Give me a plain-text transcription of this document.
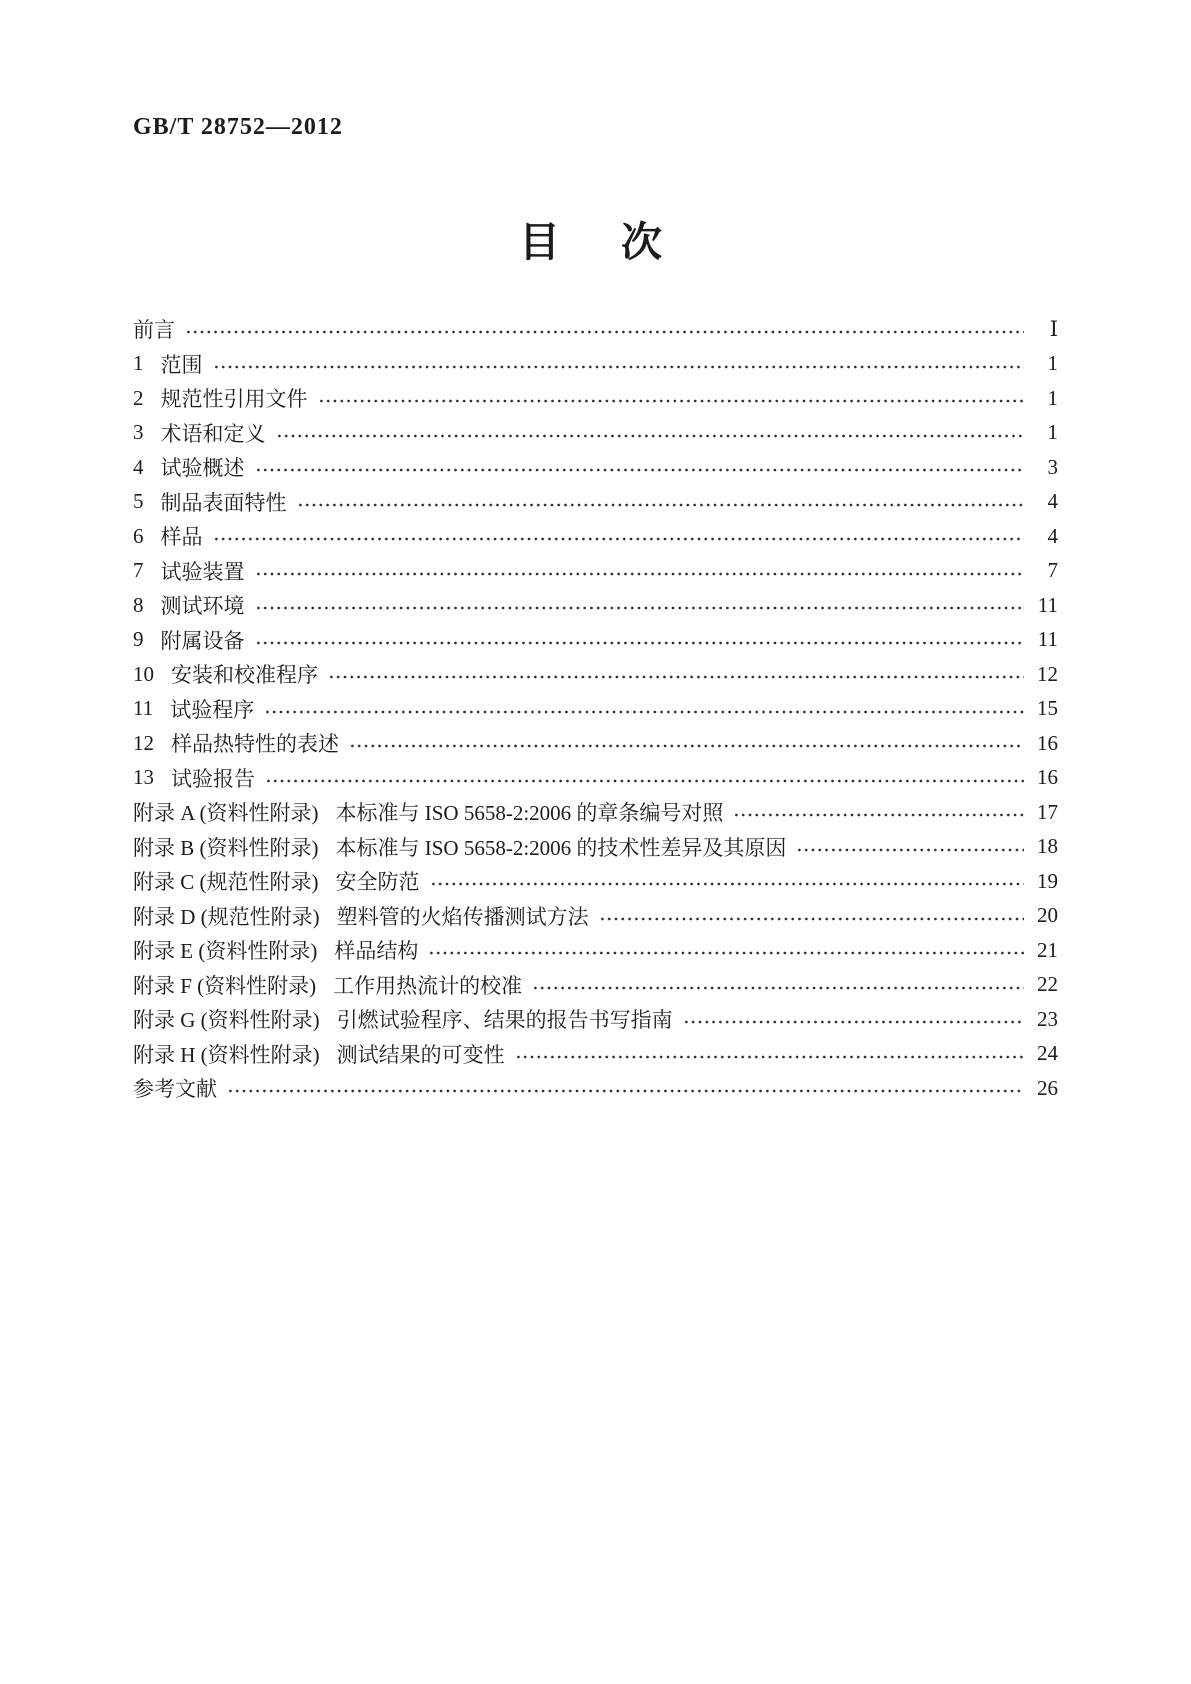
GB/T 28752—2012
目　次
前言	Ⅰ
1 范围	1
2 规范性引用文件	1
3 术语和定义	1
4 试验概述	3
5 制品表面特性	4
6 样品	4
7 试验装置	7
8 测试环境	11
9 附属设备	11
10 安装和校准程序	12
11 试验程序	15
12 样品热特性的表述	16
13 试验报告	16
附录 A (资料性附录) 本标准与 ISO 5658-2:2006 的章条编号对照	17
附录 B (资料性附录) 本标准与 ISO 5658-2:2006 的技术性差异及其原因	18
附录 C (规范性附录) 安全防范	19
附录 D (规范性附录) 塑料管的火焰传播测试方法	20
附录 E (资料性附录) 样品结构	21
附录 F (资料性附录) 工作用热流计的校准	22
附录 G (资料性附录) 引燃试验程序、结果的报告书写指南	23
附录 H (资料性附录) 测试结果的可变性	24
参考文献	26
